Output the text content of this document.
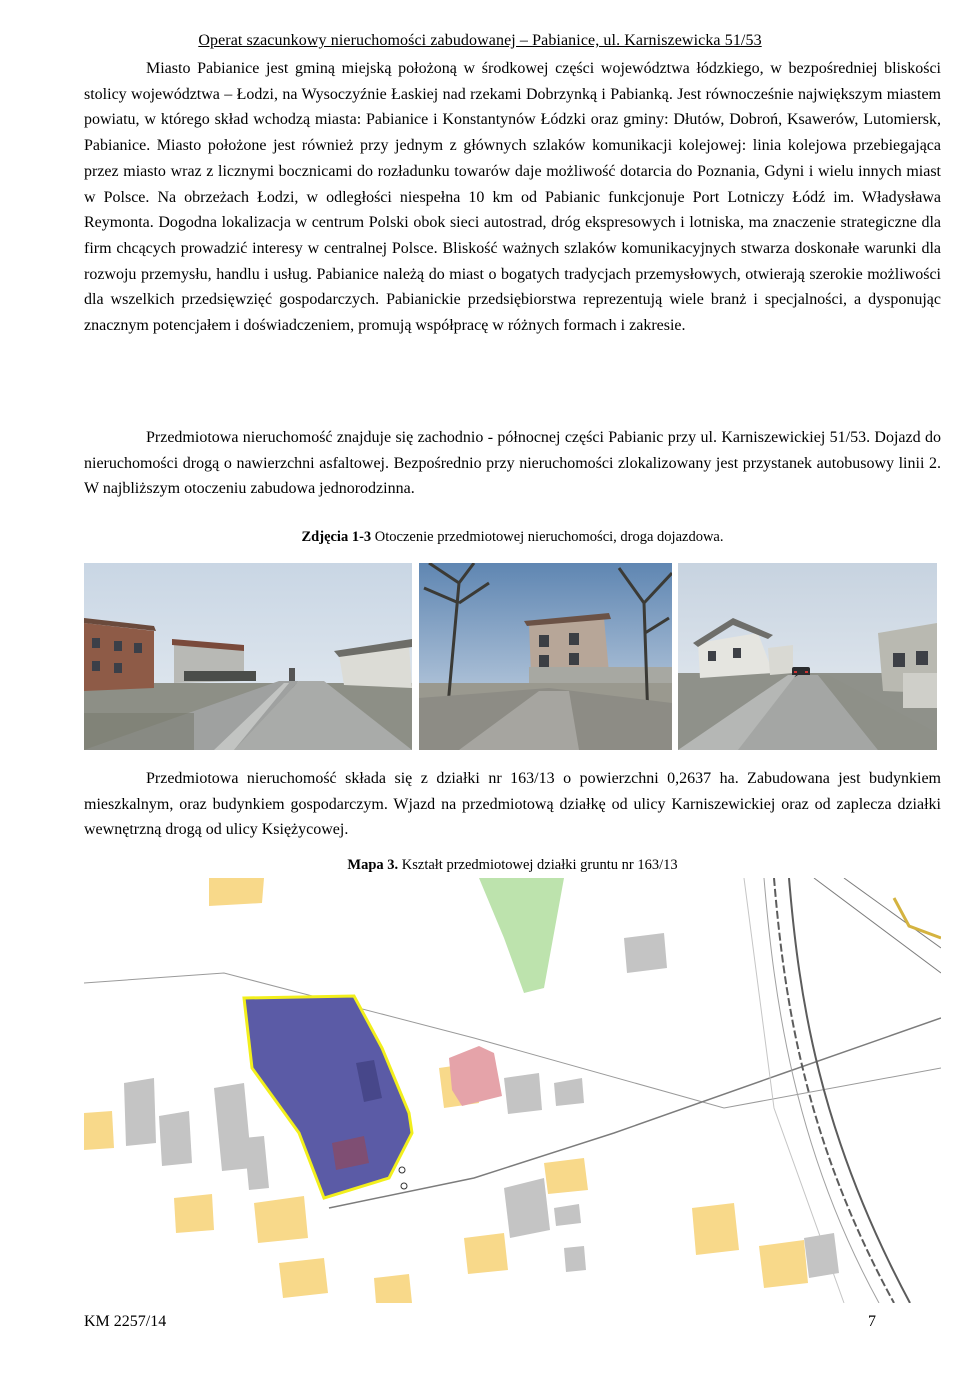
Operat szacunkowy nieruchomości zabudowanej – Pabianice, ul. Karniszewicka 51/53

Miasto Pabianice jest gminą miejską położoną w środkowej części województwa łódzkiego, w bezpośredniej bliskości stolicy województwa – Łodzi, na Wysoczyźnie Łaskiej nad rzekami Dobrzynką i Pabianką. Jest równocześnie największym miastem powiatu, w którego skład wchodzą miasta: Pabianice i Konstantynów Łódzki oraz gminy: Dłutów, Dobroń, Ksawerów, Lutomiersk, Pabianice. Miasto położone jest również przy jednym z głównych szlaków komunikacji kolejowej: linia kolejowa przebiegająca przez miasto wraz z licznymi bocznicami do rozładunku towarów daje możliwość dotarcia do Poznania, Gdyni i wielu innych miast w Polsce. Na obrzeżach Łodzi, w odległości niespełna 10 km od Pabianic funkcjonuje Port Lotniczy Łódź im. Władysława Reymonta. Dogodna lokalizacja w centrum Polski obok sieci autostrad, dróg ekspresowych i lotniska, ma znaczenie strategiczne dla firm chcących prowadzić interesy w centralnej Polsce. Bliskość ważnych szlaków komunikacyjnych stwarza doskonałe warunki dla rozwoju przemysłu, handlu i usług. Pabianice należą do miast o bogatych tradycjach przemysłowych, otwierają szerokie możliwości dla wszelkich przedsięwzięć gospodarczych. Pabianickie przedsiębiorstwa reprezentują wiele branż i specjalności, a dysponując znacznym potencjałem i doświadczeniem, promują współpracę w różnych formach i zakresie.

Przedmiotowa nieruchomość znajduje się zachodnio - północnej części Pabianic przy ul. Karniszewickiej 51/53. Dojazd do nieruchomości drogą o nawierzchni asfaltowej. Bezpośrednio przy nieruchomości zlokalizowany jest przystanek autobusowy linii 2. W najbliższym otoczeniu zabudowa jednorodzinna.

Zdjęcia 1-3 Otoczenie przedmiotowej nieruchomości, droga dojazdowa.

Przedmiotowa nieruchomość składa się z działki nr 163/13 o powierzchni 0,2637 ha. Zabudowana jest budynkiem mieszkalnym, oraz budynkiem gospodarczym. Wjazd na przedmiotową działkę od ulicy Karniszewickiej oraz od zaplecza działki wewnętrzną drogą od ulicy Księżycowej.

Mapa 3. Kształt przedmiotowej działki gruntu nr 163/13
KM 2257/14	7
